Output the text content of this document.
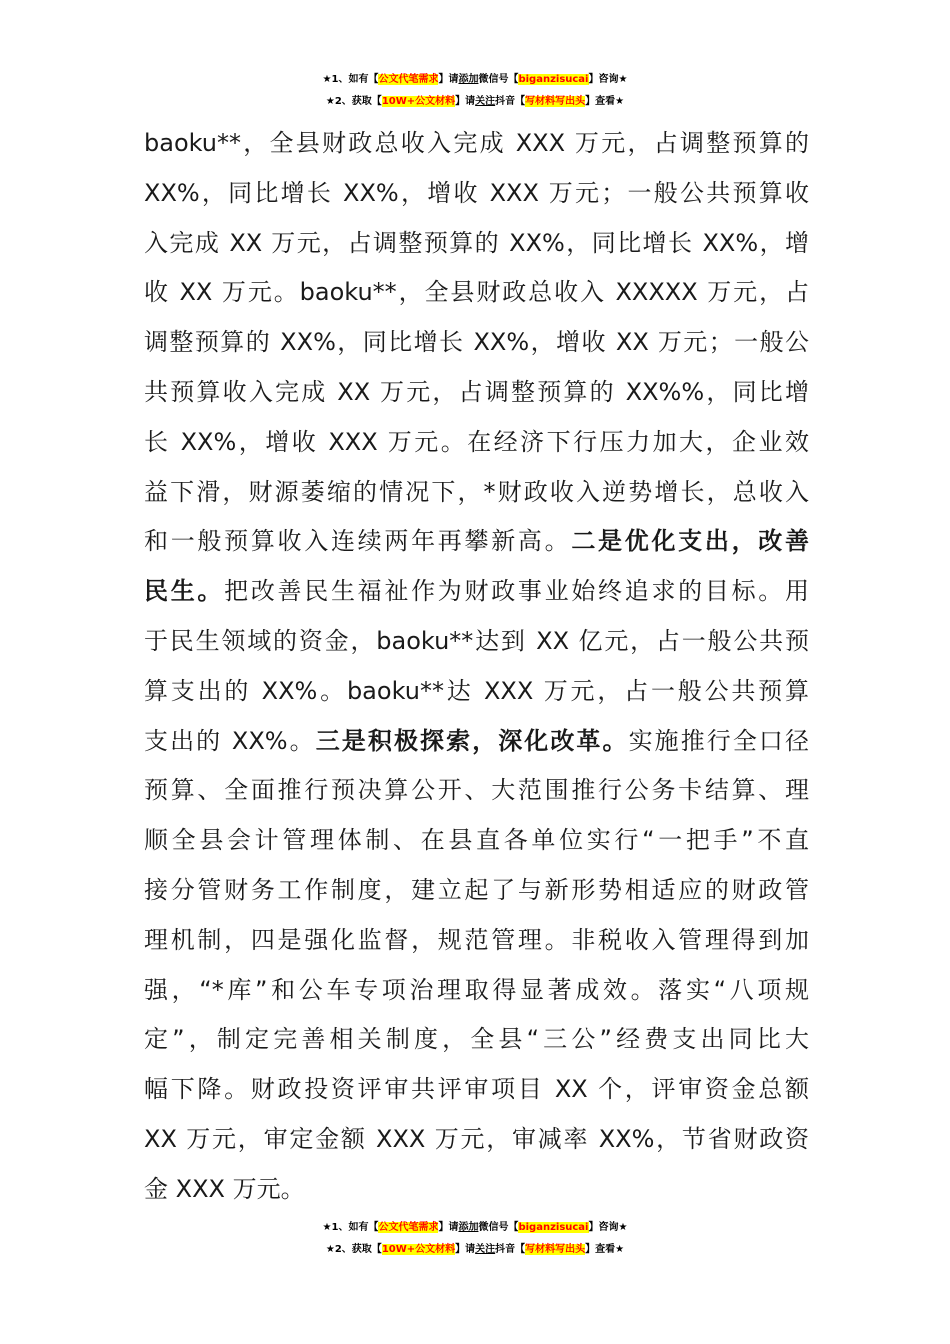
★1、如有【公文代笔需求】请添加微信号【biganzisucai】咨询★
★2、获取【10W+公文材料】请关注抖音【写材料写出头】查看★
baoku**，全县财政总收入完成 XXX 万元，占调整预算的
XX%，同比增长 XX%，增收 XXX 万元；一般公共预算收
入完成 XX 万元，占调整预算的 XX%，同比增长 XX%，增
收 XX 万元。baoku**，全县财政总收入 XXXXX 万元，占
调整预算的 XX%，同比增长 XX%，增收 XX 万元；一般公
共预算收入完成 XX 万元，占调整预算的 XX%%，同比增
长 XX%，增收 XXX 万元。在经济下行压力加大，企业效
益下滑，财源萎缩的情况下，*财政收入逆势增长，总收入
和一般预算收入连续两年再攀新高。二是优化支出，改善
民生。把改善民生福祉作为财政事业始终追求的目标。用
于民生领域的资金，baoku**达到 XX 亿元，占一般公共预
算支出的 XX%。baoku**达 XXX 万元，占一般公共预算
支出的 XX%。三是积极探索，深化改革。实施推行全口径
预算、全面推行预决算公开、大范围推行公务卡结算、理
顺全县会计管理体制、在县直各单位实行“一把手”不直
接分管财务工作制度，建立起了与新形势相适应的财政管
理机制，四是强化监督，规范管理。非税收入管理得到加
强，“*库”和公车专项治理取得显著成效。落实“八项规
定”，制定完善相关制度，全县“三公”经费支出同比大
幅下降。财政投资评审共评审项目 XX 个，评审资金总额
XX 万元，审定金额 XXX 万元，审减率 XX%，节省财政资
金 XXX 万元。
★1、如有【公文代笔需求】请添加微信号【biganzisucai】咨询★
★2、获取【10W+公文材料】请关注抖音【写材料写出头】查看★
